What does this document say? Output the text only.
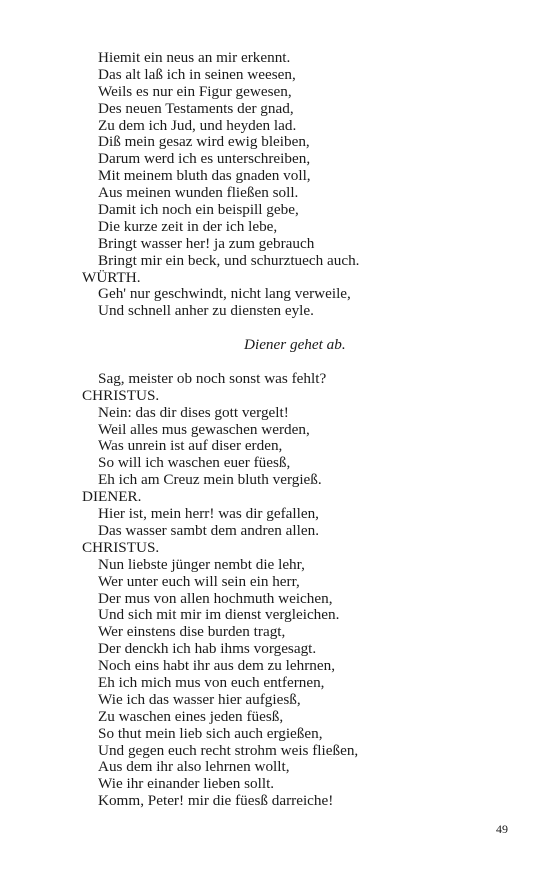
Hiemit ein neus an mir erkennt.
Das alt laß ich in seinen weesen,
Weils es nur ein Figur gewesen,
Des neuen Testaments der gnad,
Zu dem ich Jud, und heyden lad.
Diß mein gesaz wird ewig bleiben,
Darum werd ich es unterschreiben,
Mit meinem bluth das gnaden voll,
Aus meinen wunden fließen soll.
Damit ich noch ein beispill gebe,
Die kurze zeit in der ich lebe,
Bringt wasser her! ja zum gebrauch
Bringt mir ein beck, und schurztuech auch.
WÜRTH.
Geh' nur geschwindt, nicht lang verweile,
Und schnell anher zu diensten eyle.
Diener gehet ab.
Sag, meister ob noch sonst was fehlt?
CHRISTUS.
Nein: das dir dises gott vergelt!
Weil alles mus gewaschen werden,
Was unrein ist auf diser erden,
So will ich waschen euer füesß,
Eh ich am Creuz mein bluth vergieß.
DIENER.
Hier ist, mein herr! was dir gefallen,
Das wasser sambt dem andren allen.
CHRISTUS.
Nun liebste jünger nembt die lehr,
Wer unter euch will sein ein herr,
Der mus von allen hochmuth weichen,
Und sich mit mir im dienst vergleichen.
Wer einstens dise burden tragt,
Der denckh ich hab ihms vorgesagt.
Noch eins habt ihr aus dem zu lehrnen,
Eh ich mich mus von euch entfernen,
Wie ich das wasser hier aufgiesß,
Zu waschen eines jeden füesß,
So thut mein lieb sich auch ergießen,
Und gegen euch recht strohm weis fließen,
Aus dem ihr also lehrnen wollt,
Wie ihr einander lieben sollt.
Komm, Peter! mir die füesß darreiche!
49
